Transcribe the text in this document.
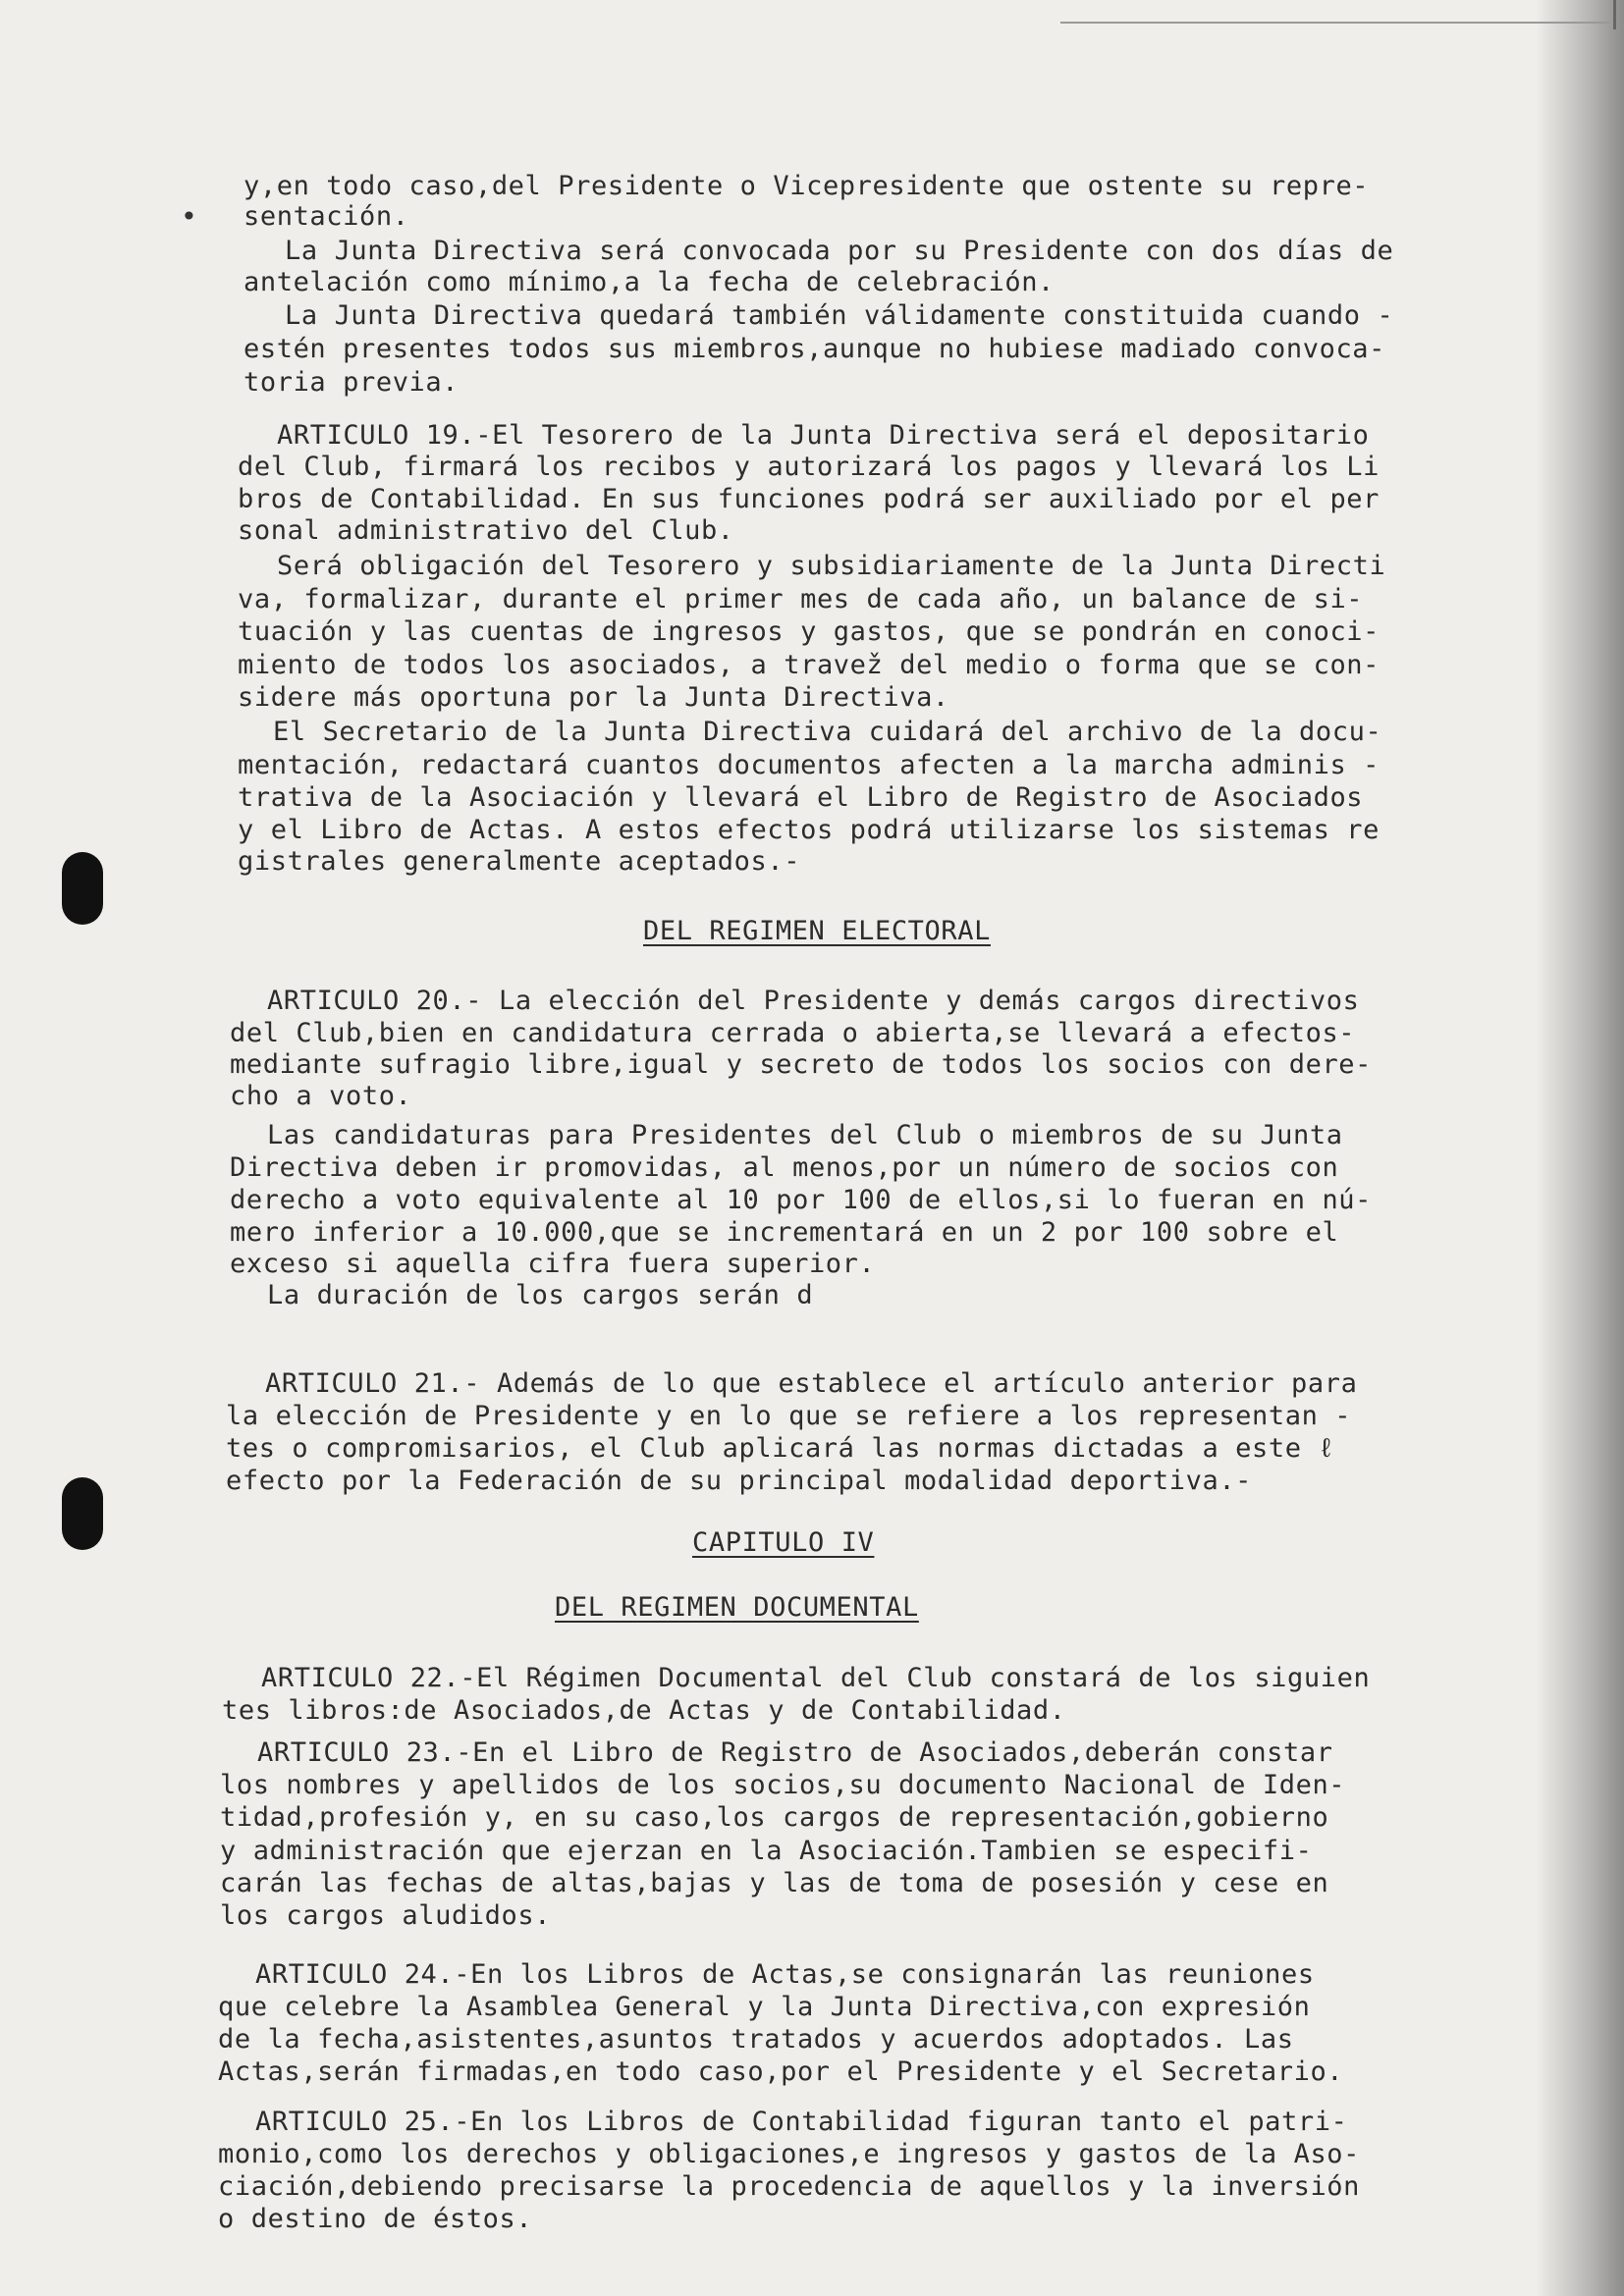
•

y,en todo caso,del Presidente o Vicepresidente que ostente su repre-

sentación.

La Junta Directiva será convocada por su Presidente con dos días de

antelación como mínimo,a la fecha de celebración.

La Junta Directiva quedará también válidamente constituida cuando -

estén presentes todos sus miembros,aunque no hubiese madiado convoca-

toria previa.

ARTICULO 19.-El Tesorero de la Junta Directiva será el depositario

del Club, firmará los recibos y autorizará los pagos y llevará los Li

bros de Contabilidad. En sus funciones podrá ser auxiliado por el per

sonal administrativo del Club.

Será obligación del Tesorero y subsidiariamente de la Junta Directi

va, formalizar, durante el primer mes de cada año, un balance de si-

tuación y las cuentas de ingresos y gastos, que se pondrán en conoci-

miento de todos los asociados, a travež del medio o forma que se con-

sidere más oportuna por la Junta Directiva.

El Secretario de la Junta Directiva cuidará del archivo de la docu-

mentación, redactará cuantos documentos afecten a la marcha adminis -

trativa de la Asociación y llevará el Libro de Registro de Asociados

y el Libro de Actas. A estos efectos podrá utilizarse los sistemas re

gistrales generalmente aceptados.-

DEL REGIMEN ELECTORAL

ARTICULO 20.- La elección del Presidente y demás cargos directivos

del Club,bien en candidatura cerrada o abierta,se llevará a efectos-

mediante sufragio libre,igual y secreto de todos los socios con dere-

cho a voto.

Las candidaturas para Presidentes del Club o miembros de su Junta

Directiva deben ir promovidas, al menos,por un número de socios con

derecho a voto equivalente al 10 por 100 de ellos,si lo fueran en nú-

mero inferior a 10.000,que se incrementará en un 2 por 100 sobre el

exceso si aquella cifra fuera superior.

La duración de los cargos serán d

ARTICULO 21.- Además de lo que establece el artículo anterior para

la elección de Presidente y en lo que se refiere a los representan -

tes o compromisarios, el Club aplicará las normas dictadas a este ℓ

efecto por la Federación de su principal modalidad deportiva.-

CAPITULO IV

DEL REGIMEN DOCUMENTAL

ARTICULO 22.-El Régimen Documental del Club constará de los siguien

tes libros:de Asociados,de Actas y de Contabilidad.

ARTICULO 23.-En el Libro de Registro de Asociados,deberán constar

los nombres y apellidos de los socios,su documento Nacional de Iden-

tidad,profesión y, en su caso,los cargos de representación,gobierno

y administración que ejerzan en la Asociación.Tambien se especifi-

carán las fechas de altas,bajas y las de toma de posesión y cese en

los cargos aludidos.

ARTICULO 24.-En los Libros de Actas,se consignarán las reuniones

que celebre la Asamblea General y la Junta Directiva,con expresión

de la fecha,asistentes,asuntos tratados y acuerdos adoptados. Las

Actas,serán firmadas,en todo caso,por el Presidente y el Secretario.

ARTICULO 25.-En los Libros de Contabilidad figuran tanto el patri-

monio,como los derechos y obligaciones,e ingresos y gastos de la Aso-

ciación,debiendo precisarse la procedencia de aquellos y la inversión

o destino de éstos.
